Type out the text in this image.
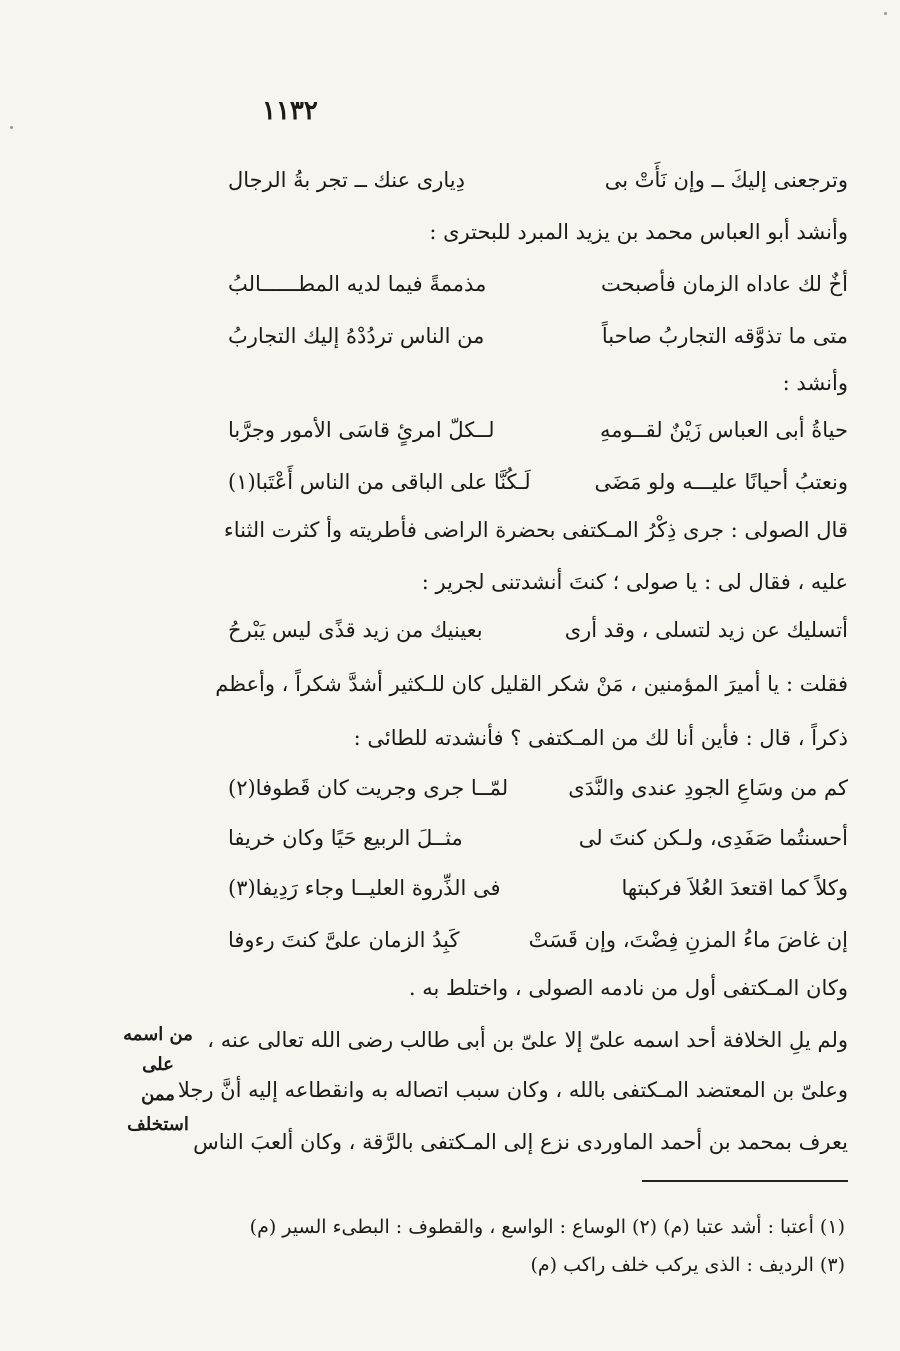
١١٣٢
وترجعنى إليكَ ــ وإن نَأَتْ بى
دِيارى عنك ــ تجر بةُ الرجال
وأنشد أبو العباس محمد بن يزيد المبرد للبحترى :
أخٌ لك عاداه الزمان فأصبحت
مذممةً فيما لديه المطــــــالبُ
متى ما تذوَّقه التجاربُ صاحباً
من الناس تردُدْهُ إليك التجاربُ
وأنشد :
حياةُ أبى العباس زَيْنٌ لقــومهِ
لــكلّ امرئٍ قاسَى الأمور وجرَّبا
ونعتبُ أحيانًا عليـــه ولو مَضَى
لَـكُنَّا على الباقى من الناس أَعْتَبا(١)
قال الصولى : جرى ذِكْرُ المـكتفى بحضرة الراضى فأطريته وأ كثرت الثناء
عليه ، فقال لى : يا صولى ؛ كنتَ أنشدتنى لجرير :
أتسليك عن زيد لتسلى ، وقد أرى
بعينيك من زيد قذًى ليس يَبْرحُ
فقلت : يا أميرَ المؤمنين ، مَنْ شكر القليل كان للـكثير أشدَّ شكراً ، وأعظم
ذكراً ، قال : فأين أنا لك من المـكتفى ؟ فأنشدته للطائى :
كم من وسَاعِ الجودِ عندى والنَّدَى
لمّــا جرى وجريت كان قَطوفا(٢)
أحسنتُما صَفَدِى، ولـكن كنتَ لى
مثــلَ الربيع حَيًا وكان خريفا
وكلاً كما اقتعدَ العُلاَ فركبتها
فى الذِّروة العليــا وجاء رَدِيفا(٣)
إن غاضَ ماءُ المزنِ فِضْتَ، وإن قَسَتْ
كَبِدُ الزمان علىَّ كنتَ رءوفا
وكان المـكتفى أول من نادمه الصولى ، واختلط به .
ولم يلِ الخلافة أحد اسمه علىّ إلا علىّ بن أبى طالب رضى الله تعالى عنه ،
وعلىّ بن المعتضد المـكتفى بالله ، وكان سبب اتصاله به وانقطاعه إليه أنَّ رجلا
يعرف بمحمد بن أحمد الماوردى نزع إلى المـكتفى بالرَّقة ، وكان ألعبَ الناس
من اسمه على
ممن استخلف
(١) أعتبا : أشد عتبا (م) (٢) الوساع : الواسع ، والقطوف : البطىء السير (م)
(٣) الرديف : الذى يركب خلف راكب (م)
